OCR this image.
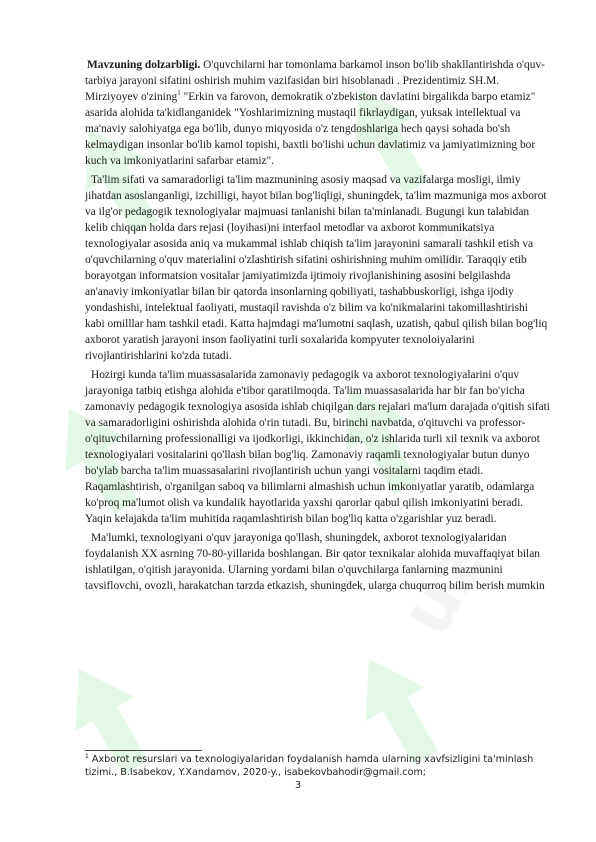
uz
uz

Mavzuning dolzarbligi. O'quvchilarni har tomonlama barkamol inson bo'lib shakllantirishda o'quv-tarbiya jarayoni sifatini oshirish muhim vazifasidan biri hisoblanadi . Prezidentimiz SH.M. Mirziyoyev o'zining$^1$ "Erkin va farovon, demokratik o'zbekiston davlatini birgalikda barpo etamiz" asarida alohida ta'kidlanganidek "Yoshlarimizning mustaqil fikrlaydigan, yuksak intellektual va ma'naviy salohiyatga ega bo'lib, dunyo miqyosida o'z tengdoshlariga hech qaysi sohada bo'sh kelmaydigan insonlar bo'lib kamol topishi, baxtli bo'lishi uchun davlatimiz va jamiyatimizning bor kuch va imkoniyatlarini safarbar etamiz".

Ta'lim sifati va samaradorligi ta'lim mazmunining asosiy maqsad va vazifalarga mosligi, ilmiy jihatdan asoslanganligi, izchilligi, hayot bilan bog'liqligi, shuningdek, ta'lim mazmuniga mos axborot va ilg'or pedagogik texnologiyalar majmuasi tanlanishi bilan ta'minlanadi. Bugungi kun talabidan kelib chiqqan holda dars rejasi (loyihasi)ni interfaol metodlar va axborot kommunikatsiya texnologiyalar asosida aniq va mukammal ishlab chiqish ta'lim jarayonini samarali tashkil etish va o'quvchilarning o'quv materialini o'zlashtirish sifatini oshirishning muhim omilidir. Taraqqiy etib borayotgan informatsion vositalar jamiyatimizda ijtimoiy rivojlanishining asosini belgilashda an'anaviy imkoniyatlar bilan bir qatorda insonlarning qobiliyati, tashabbuskorligi, ishga ijodiy yondashishi, intelektual faoliyati, mustaqil ravishda o'z bilim va ko'nikmalarini takomillashtirishi kabi omilllar ham tashkil etadi. Katta hajmdagi ma'lumotni saqlash, uzatish, qabul qilish bilan bog'liq axborot yaratish jarayoni inson faoliyatini turli soxalarida kompyuter texnoloiyalarini rivojlantirishlarini ko'zda tutadi.

Hozirgi kunda ta'lim muassasalarida zamonaviy pedagogik va axborot texnologiyalarini o'quv jarayoniga tatbiq etishga alohida e'tibor qaratilmoqda. Ta'lim muassasalarida har bir fan bo'yicha zamonaviy pedagogik texnologiya asosida ishlab chiqilgan dars rejalari ma'lum darajada o'qitish sifati va samaradorligini oshirishda alohida o'rin tutadi. Bu, birinchi navbatda, o'qituvchi va professor-o'qituvchilarning professionalligi va ijodkorligi, ikkinchidan, o'z ishlarida turli xil texnik va axborot texnologiyalari vositalarini qo'llash bilan bog'liq. Zamonaviy raqamli texnologiyalar butun dunyo bo'ylab barcha ta'lim muassasalarini rivojlantirish uchun yangi vositalarni taqdim etadi. Raqamlashtirish, o'rganilgan saboq va bilimlarni almashish uchun imkoniyatlar yaratib, odamlarga ko'proq ma'lumot olish va kundalik hayotlarida yaxshi qarorlar qabul qilish imkoniyatini beradi. Yaqin kelajakda ta'lim muhitida raqamlashtirish bilan bog'liq katta o'zgarishlar yuz beradi.

Ma'lumki, texnologiyani o'quv jarayoniga qo'llash, shuningdek, axborot texnologiyalaridan foydalanish XX asrning 70-80-yillarida boshlangan. Bir qator texnikalar alohida muvaffaqiyat bilan ishlatilgan, o'qitish jarayonida. Ularning yordami bilan o'quvchilarga fanlarning mazmunini tavsiflovchi, ovozli, harakatchan tarzda etkazish, shuningdek, ularga chuqurroq bilim berish mumkin

$^1$ Axborot resurslari va texnologiyalaridan foydalanish hamda ularning xavfsizligini ta'minlash tizimi., B.Isabekov, Y.Xandamov, 2020-y., isabekovbahodir@gmail.com;
3
